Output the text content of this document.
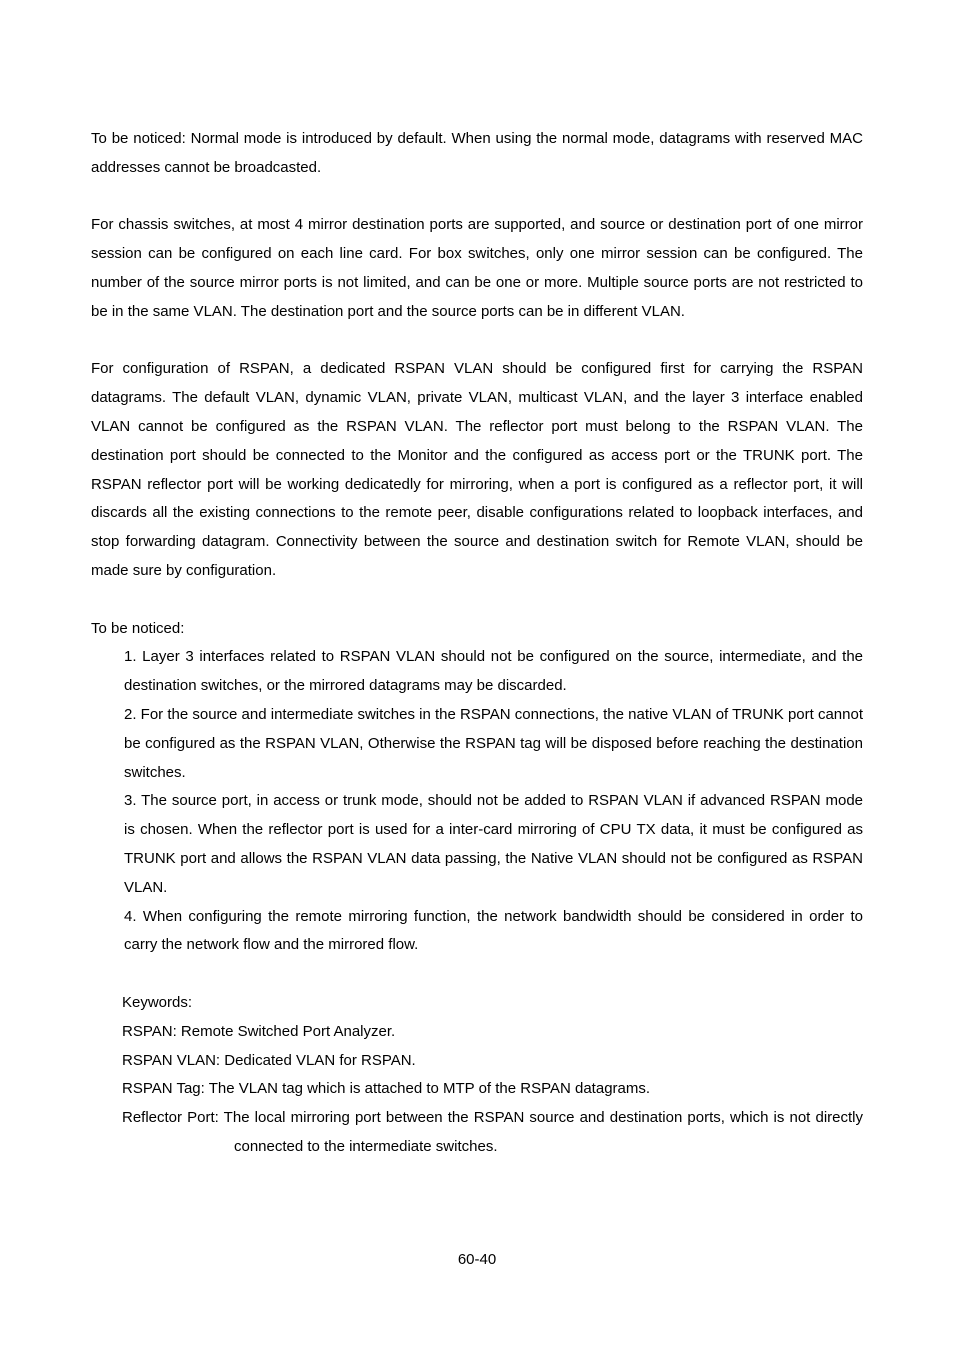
To be noticed: Normal mode is introduced by default. When using the normal mode, datagrams with reserved MAC addresses cannot be broadcasted.

For chassis switches, at most 4 mirror destination ports are supported, and source or destination port of one mirror session can be configured on each line card. For box switches, only one mirror session can be configured. The number of the source mirror ports is not limited, and can be one or more. Multiple source ports are not restricted to be in the same VLAN. The destination port and the source ports can be in different VLAN.

For configuration of RSPAN, a dedicated RSPAN VLAN should be configured first for carrying the RSPAN datagrams. The default VLAN, dynamic VLAN, private VLAN, multicast VLAN, and the layer 3 interface enabled VLAN cannot be configured as the RSPAN VLAN. The reflector port must belong to the RSPAN VLAN. The destination port should be connected to the Monitor and the configured as access port or the TRUNK port. The RSPAN reflector port will be working dedicatedly for mirroring, when a port is configured as a reflector port, it will discards all the existing connections to the remote peer, disable configurations related to loopback interfaces, and stop forwarding datagram. Connectivity between the source and destination switch for Remote VLAN, should be made sure by configuration.

To be noticed:

1. Layer 3 interfaces related to RSPAN VLAN should not be configured on the source, intermediate, and the destination switches, or the mirrored datagrams may be discarded.

2. For the source and intermediate switches in the RSPAN connections, the native VLAN of TRUNK port cannot be configured as the RSPAN VLAN, Otherwise the RSPAN tag will be disposed before reaching the destination switches.

3. The source port, in access or trunk mode, should not be added to RSPAN VLAN if advanced RSPAN mode is chosen. When the reflector port is used for a inter-card mirroring of CPU TX data, it must be configured as TRUNK port and allows the RSPAN VLAN data passing, the Native VLAN should not be configured as RSPAN VLAN.

4. When configuring the remote mirroring function, the network bandwidth should be considered in order to carry the network flow and the mirrored flow.

Keywords:

RSPAN: Remote Switched Port Analyzer.

RSPAN VLAN: Dedicated VLAN for RSPAN.

RSPAN Tag: The VLAN tag which is attached to MTP of the RSPAN datagrams.

Reflector Port: The local mirroring port between the RSPAN source and destination ports, which is not directly connected to the intermediate switches.

60-40
